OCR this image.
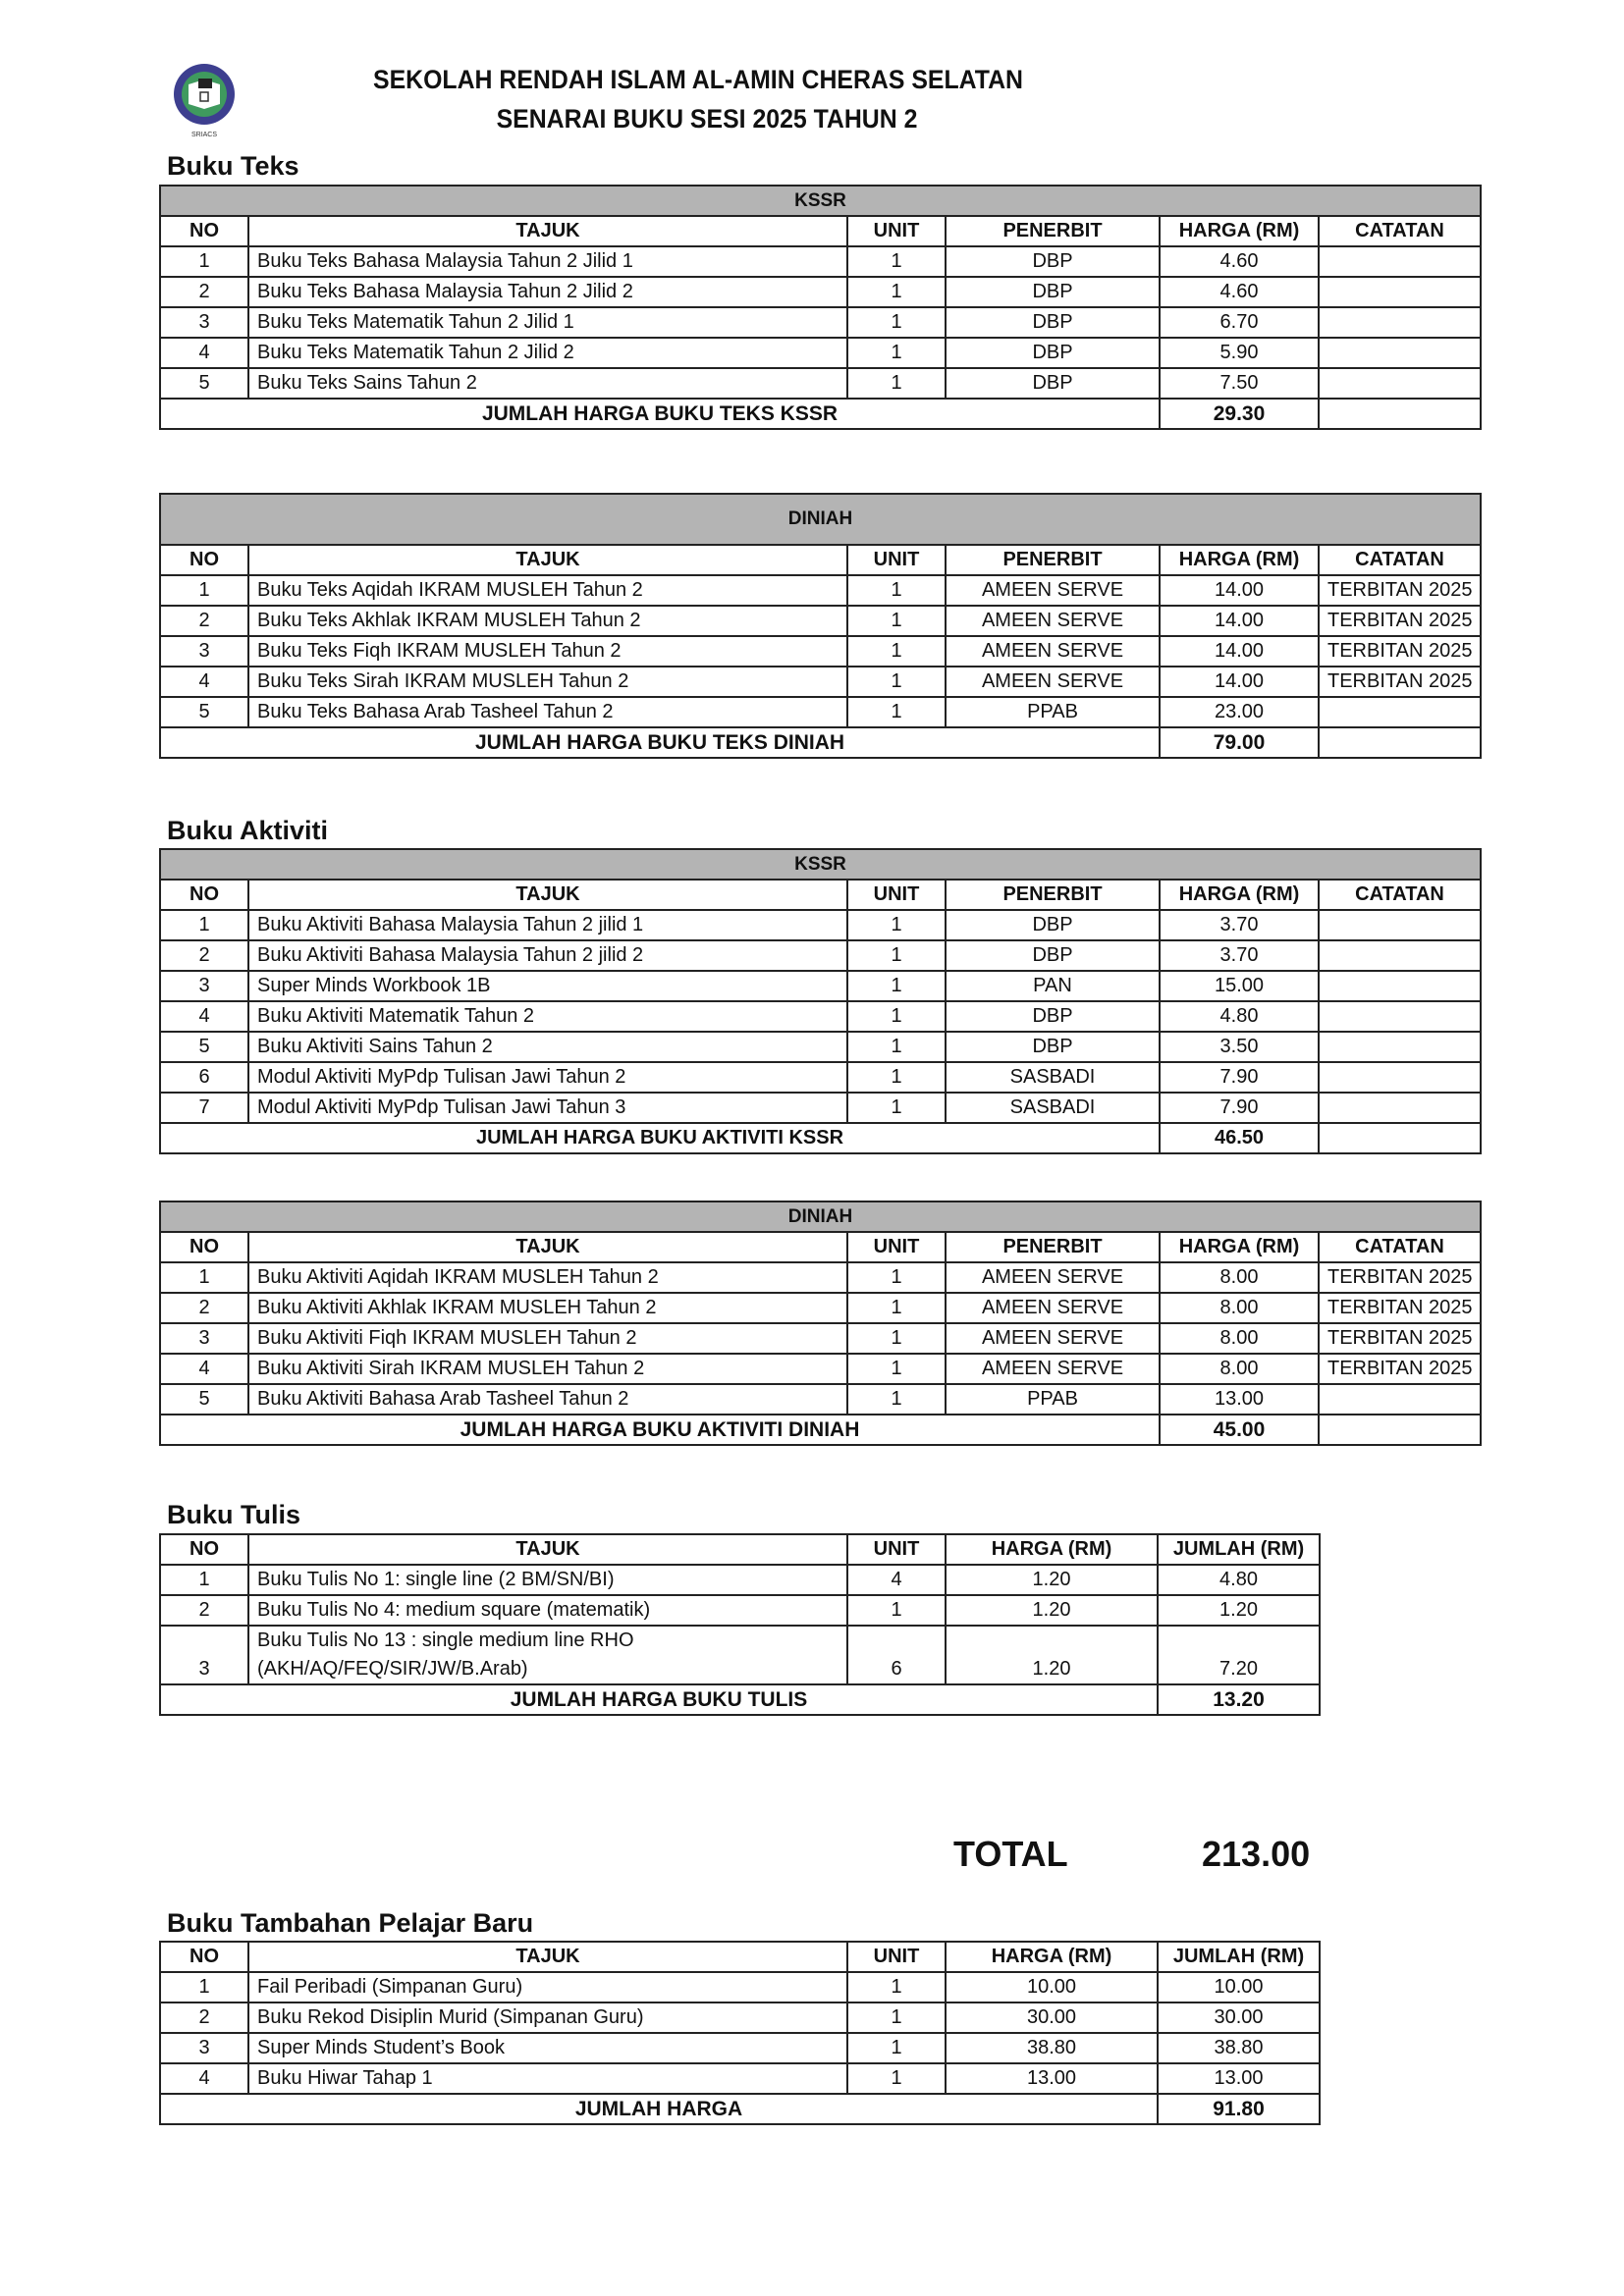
SRIACS
SEKOLAH RENDAH ISLAM AL-AMIN CHERAS SELATAN
SENARAI BUKU SESI 2025 TAHUN 2
Buku Teks
KSSR					
NO	TAJUK	UNIT	PENERBIT	HARGA (RM)	CATATAN
1	Buku Teks Bahasa Malaysia Tahun 2 Jilid 1	1	DBP	4.60	
2	Buku Teks Bahasa Malaysia Tahun 2 Jilid 2	1	DBP	4.60	
3	Buku Teks Matematik Tahun 2 Jilid 1	1	DBP	6.70	
4	Buku Teks Matematik Tahun 2 Jilid 2	1	DBP	5.90	
5	Buku Teks Sains Tahun 2	1	DBP	7.50	
JUMLAH HARGA BUKU TEKS KSSR				29.30	
DINIAH					
NO	TAJUK	UNIT	PENERBIT	HARGA (RM)	CATATAN
1	Buku Teks Aqidah IKRAM MUSLEH Tahun 2	1	AMEEN SERVE	14.00	TERBITAN 2025
2	Buku Teks Akhlak IKRAM MUSLEH Tahun 2	1	AMEEN SERVE	14.00	TERBITAN 2025
3	Buku Teks Fiqh IKRAM MUSLEH Tahun 2	1	AMEEN SERVE	14.00	TERBITAN 2025
4	Buku Teks Sirah IKRAM MUSLEH Tahun 2	1	AMEEN SERVE	14.00	TERBITAN 2025
5	Buku Teks Bahasa Arab Tasheel Tahun 2	1	PPAB	23.00	
JUMLAH HARGA BUKU TEKS DINIAH				79.00	
Buku Aktiviti
KSSR					
NO	TAJUK	UNIT	PENERBIT	HARGA (RM)	CATATAN
1	Buku Aktiviti Bahasa Malaysia Tahun 2 jilid 1	1	DBP	3.70	
2	Buku Aktiviti Bahasa Malaysia Tahun 2 jilid 2	1	DBP	3.70	
3	Super Minds Workbook 1B	1	PAN	15.00	
4	Buku Aktiviti Matematik Tahun 2	1	DBP	4.80	
5	Buku Aktiviti Sains Tahun 2	1	DBP	3.50	
6	Modul Aktiviti MyPdp Tulisan Jawi Tahun 2	1	SASBADI	7.90	
7	Modul Aktiviti MyPdp Tulisan Jawi Tahun 3	1	SASBADI	7.90	
JUMLAH HARGA BUKU AKTIVITI KSSR				46.50	
DINIAH					
NO	TAJUK	UNIT	PENERBIT	HARGA (RM)	CATATAN
1	Buku Aktiviti Aqidah IKRAM MUSLEH Tahun 2	1	AMEEN SERVE	8.00	TERBITAN 2025
2	Buku Aktiviti Akhlak IKRAM MUSLEH Tahun 2	1	AMEEN SERVE	8.00	TERBITAN 2025
3	Buku Aktiviti Fiqh IKRAM MUSLEH Tahun 2	1	AMEEN SERVE	8.00	TERBITAN 2025
4	Buku Aktiviti Sirah IKRAM MUSLEH Tahun 2	1	AMEEN SERVE	8.00	TERBITAN 2025
5	Buku Aktiviti Bahasa Arab Tasheel Tahun 2	1	PPAB	13.00	
JUMLAH HARGA BUKU AKTIVITI DINIAH				45.00	
Buku Tulis
NO	TAJUK	UNIT	HARGA (RM)	JUMLAH (RM)
1	Buku Tulis No 1: single line (2 BM/SN/BI)	4	1.20	4.80
2	Buku Tulis No 4: medium square (matematik)	1	1.20	1.20
3	Buku Tulis No 13 : single medium line RHO (AKH/AQ/FEQ/SIR/JW/B.Arab)	6	1.20	7.20
JUMLAH HARGA BUKU TULIS				13.20
TOTAL	213.00
Buku Tambahan Pelajar Baru
NO	TAJUK	UNIT	HARGA (RM)	JUMLAH (RM)
1	Fail Peribadi (Simpanan Guru)	1	10.00	10.00
2	Buku Rekod Disiplin Murid (Simpanan Guru)	1	30.00	30.00
3	Super Minds Student’s Book	1	38.80	38.80
4	Buku Hiwar Tahap 1	1	13.00	13.00
JUMLAH HARGA				91.80
